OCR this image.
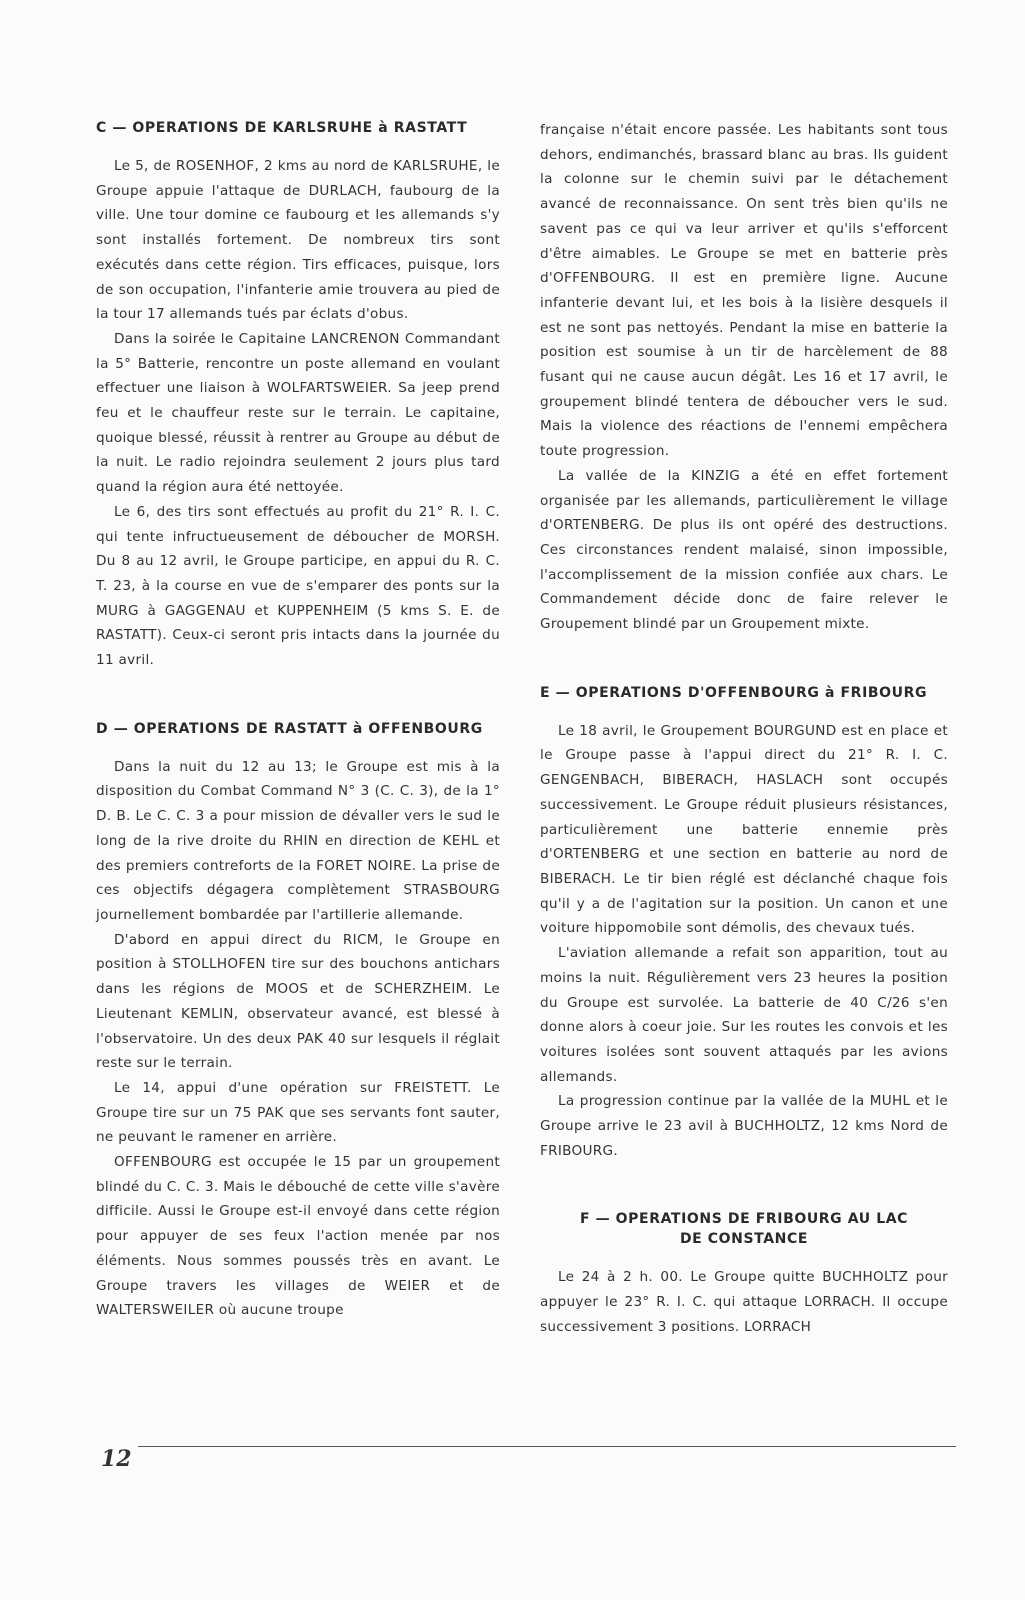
C — OPERATIONS DE KARLSRUHE à RASTATT

Le 5, de ROSENHOF, 2 kms au nord de KARLSRUHE, le Groupe appuie l'attaque de DURLACH, faubourg de la ville. Une tour domine ce faubourg et les allemands s'y sont installés fortement. De nombreux tirs sont exécutés dans cette région. Tirs efficaces, puisque, lors de son occupation, l'infanterie amie trouvera au pied de la tour 17 allemands tués par éclats d'obus.

Dans la soirée le Capitaine LANCRENON Commandant la 5° Batterie, rencontre un poste allemand en voulant effectuer une liaison à WOLFARTSWEIER. Sa jeep prend feu et le chauffeur reste sur le terrain. Le capitaine, quoique blessé, réussit à rentrer au Groupe au début de la nuit. Le radio rejoindra seulement 2 jours plus tard quand la région aura été nettoyée.

Le 6, des tirs sont effectués au profit du 21° R. I. C. qui tente infructueusement de déboucher de MORSH. Du 8 au 12 avril, le Groupe participe, en appui du R. C. T. 23, à la course en vue de s'emparer des ponts sur la MURG à GAGGENAU et KUPPENHEIM (5 kms S. E. de RASTATT). Ceux-ci seront pris intacts dans la journée du 11 avril.

D — OPERATIONS DE RASTATT à OFFENBOURG

Dans la nuit du 12 au 13; le Groupe est mis à la disposition du Combat Command N° 3 (C. C. 3), de la 1° D. B. Le C. C. 3 a pour mission de dévaller vers le sud le long de la rive droite du RHIN en direction de KEHL et des premiers contreforts de la FORET NOIRE. La prise de ces objectifs dégagera complètement STRASBOURG journellement bombardée par l'artillerie allemande.

D'abord en appui direct du RICM, le Groupe en position à STOLLHOFEN tire sur des bouchons antichars dans les régions de MOOS et de SCHERZHEIM. Le Lieutenant KEMLIN, observateur avancé, est blessé à l'observatoire. Un des deux PAK 40 sur lesquels il réglait reste sur le terrain.

Le 14, appui d'une opération sur FREISTETT. Le Groupe tire sur un 75 PAK que ses servants font sauter, ne peuvant le ramener en arrière.

OFFENBOURG est occupée le 15 par un groupement blindé du C. C. 3. Mais le débouché de cette ville s'avère difficile. Aussi le Groupe est-il envoyé dans cette région pour appuyer de ses feux l'action menée par nos éléments. Nous sommes poussés très en avant. Le Groupe travers les villages de WEIER et de WALTERSWEILER où aucune troupe

française n'était encore passée. Les habitants sont tous dehors, endimanchés, brassard blanc au bras. Ils guident la colonne sur le chemin suivi par le détachement avancé de reconnaissance. On sent très bien qu'ils ne savent pas ce qui va leur arriver et qu'ils s'efforcent d'être aimables. Le Groupe se met en batterie près d'OFFENBOURG. Il est en première ligne. Aucune infanterie devant lui, et les bois à la lisière desquels il est ne sont pas nettoyés. Pendant la mise en batterie la position est soumise à un tir de harcèlement de 88 fusant qui ne cause aucun dégât. Les 16 et 17 avril, le groupement blindé tentera de déboucher vers le sud. Mais la violence des réactions de l'ennemi empêchera toute progression.

La vallée de la KINZIG a été en effet fortement organisée par les allemands, particulièrement le village d'ORTENBERG. De plus ils ont opéré des destructions. Ces circonstances rendent malaisé, sinon impossible, l'accomplissement de la mission confiée aux chars. Le Commandement décide donc de faire relever le Groupement blindé par un Groupement mixte.

E — OPERATIONS D'OFFENBOURG à FRIBOURG

Le 18 avril, le Groupement BOURGUND est en place et le Groupe passe à l'appui direct du 21° R. I. C. GENGENBACH, BIBERACH, HASLACH sont occupés successivement. Le Groupe réduit plusieurs résistances, particulièrement une batterie ennemie près d'ORTENBERG et une section en batterie au nord de BIBERACH. Le tir bien réglé est déclanché chaque fois qu'il y a de l'agitation sur la position. Un canon et une voiture hippomobile sont démolis, des chevaux tués.

L'aviation allemande a refait son apparition, tout au moins la nuit. Régulièrement vers 23 heures la position du Groupe est survolée. La batterie de 40 C/26 s'en donne alors à coeur joie. Sur les routes les convois et les voitures isolées sont souvent attaqués par les avions allemands.

La progression continue par la vallée de la MUHL et le Groupe arrive le 23 avil à BUCHHOLTZ, 12 kms Nord de FRIBOURG.

F — OPERATIONS DE FRIBOURG AU LAC
DE CONSTANCE

Le 24 à 2 h. 00. Le Groupe quitte BUCHHOLTZ pour appuyer le 23° R. I. C. qui attaque LORRACH. Il occupe successivement 3 positions. LORRACH

12
